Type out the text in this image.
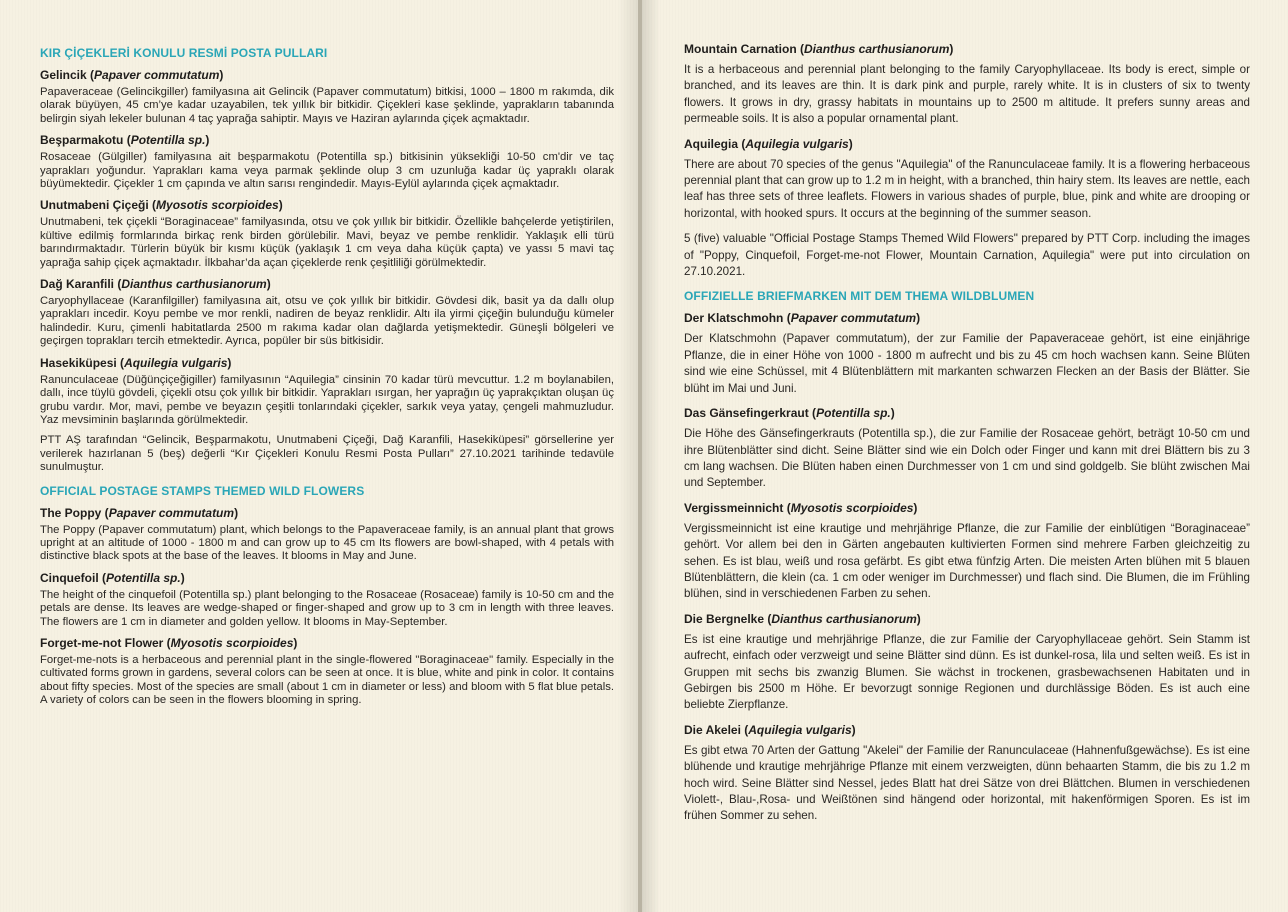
KIR ÇİÇEKLERİ KONULU RESMİ POSTA PULLARI
Gelincik (Papaver commutatum)

Papaveraceae (Gelincikgiller) familyasına ait Gelincik (Papaver commutatum) bitkisi, 1000 – 1800 m rakımda, dik olarak büyüyen, 45 cm’ye kadar uzayabilen, tek yıllık bir bitkidir. Çiçekleri kase şeklinde, yaprakların tabanında belirgin siyah lekeler bulunan 4 taç yaprağa sahiptir. Mayıs ve Haziran aylarında çiçek açmaktadır.

Beşparmakotu (Potentilla sp.)

Rosaceae (Gülgiller) familyasına ait beşparmakotu (Potentilla sp.) bitkisinin yüksekliği 10-50 cm'dir ve taç yaprakları yoğundur. Yaprakları kama veya parmak şeklinde olup 3 cm uzunluğa kadar üç yapraklı olarak büyümektedir. Çiçekler 1 cm çapında ve altın sarısı rengindedir. Mayıs-Eylül aylarında çiçek açmaktadır.

Unutmabeni Çiçeği (Myosotis scorpioides)

Unutmabeni, tek çiçekli “Boraginaceae” familyasında, otsu ve çok yıllık bir bitkidir. Özellikle bahçelerde yetiştirilen, kültive edilmiş formlarında birkaç renk birden görülebilir. Mavi, beyaz ve pembe renklidir. Yaklaşık elli türü barındırmaktadır. Türlerin büyük bir kısmı küçük (yaklaşık 1 cm veya daha küçük çapta) ve yassı 5 mavi taç yaprağa sahip çiçek açmaktadır. İlkbahar’da açan çiçeklerde renk çeşitliliği görülmektedir.

Dağ Karanfili (Dianthus carthusianorum)

Caryophyllaceae (Karanfilgiller) familyasına ait, otsu ve çok yıllık bir bitkidir. Gövdesi dik, basit ya da dallı olup yaprakları incedir. Koyu pembe ve mor renkli, nadiren de beyaz renklidir. Altı ila yirmi çiçeğin bulunduğu kümeler halindedir. Kuru, çimenli habitatlarda 2500 m rakıma kadar olan dağlarda yetişmektedir. Güneşli bölgeleri ve geçirgen toprakları tercih etmektedir. Ayrıca, popüler bir süs bitkisidir.

Hasekiküpesi (Aquilegia vulgaris)

Ranunculaceae (Düğünçiçeğigiller) familyasının “Aquilegia” cinsinin 70 kadar türü mevcuttur. 1.2 m boylanabilen, dallı, ince tüylü gövdeli, çiçekli otsu çok yıllık bir bitkidir. Yaprakları ısırgan, her yaprağın üç yaprakçıktan oluşan üç grubu vardır. Mor, mavi, pembe ve beyazın çeşitli tonlarındaki çiçekler, sarkık veya yatay, çengeli mahmuzludur. Yaz mevsiminin başlarında görülmektedir.

PTT AŞ tarafından “Gelincik, Beşparmakotu, Unutmabeni Çiçeği, Dağ Karanfili, Hasekiküpesi” görsellerine yer verilerek hazırlanan 5 (beş) değerli “Kır Çiçekleri Konulu Resmi Posta Pulları” 27.10.2021 tarihinde tedavüle sunulmuştur.

OFFICIAL POSTAGE STAMPS THEMED WILD FLOWERS
The Poppy (Papaver commutatum)

The Poppy (Papaver commutatum) plant, which belongs to the Papaveraceae family, is an annual plant that grows upright at an altitude of 1000 - 1800 m and can grow up to 45 cm Its flowers are bowl-shaped, with 4 petals with distinctive black spots at the base of the leaves. It blooms in May and June.

Cinquefoil (Potentilla sp.)

The height of the cinquefoil (Potentilla sp.) plant belonging to the Rosaceae (Rosaceae) family is 10-50 cm and the petals are dense. Its leaves are wedge-shaped or finger-shaped and grow up to 3 cm in length with three leaves. The flowers are 1 cm in diameter and golden yellow. It blooms in May-September.

Forget-me-not Flower (Myosotis scorpioides)

Forget-me-nots is a herbaceous and perennial plant in the single-flowered "Boraginaceae" family. Especially in the cultivated forms grown in gardens, several colors can be seen at once. It is blue, white and pink in color. It contains about fifty species. Most of the species are small (about 1 cm in diameter or less) and bloom with 5 flat blue petals. A variety of colors can be seen in the flowers blooming in spring.

Mountain Carnation (Dianthus carthusianorum)

It is a herbaceous and perennial plant belonging to the family Caryophyllaceae. Its body is erect, simple or branched, and its leaves are thin. It is dark pink and purple, rarely white. It is in clusters of six to twenty flowers. It grows in dry, grassy habitats in mountains up to 2500 m altitude. It prefers sunny areas and permeable soils. It is also a popular ornamental plant.

Aquilegia (Aquilegia vulgaris)

There are about 70 species of the genus "Aquilegia" of the Ranunculaceae family. It is a flowering herbaceous perennial plant that can grow up to 1.2 m in height, with a branched, thin hairy stem. Its leaves are nettle, each leaf has three sets of three leaflets. Flowers in various shades of purple, blue, pink and white are drooping or horizontal, with hooked spurs. It occurs at the beginning of the summer season.

5 (five) valuable "Official Postage Stamps Themed Wild Flowers" prepared by PTT Corp. including the images of "Poppy, Cinquefoil, Forget-me-not Flower, Mountain Carnation, Aquilegia" were put into circulation on 27.10.2021.

OFFIZIELLE BRIEFMARKEN MIT DEM THEMA WILDBLUMEN
Der Klatschmohn (Papaver commutatum)

Der Klatschmohn (Papaver commutatum), der zur Familie der Papaveraceae gehört, ist eine einjährige Pflanze, die in einer Höhe von 1000 - 1800 m aufrecht und bis zu 45 cm hoch wachsen kann. Seine Blüten sind wie eine Schüssel, mit 4 Blütenblättern mit markanten schwarzen Flecken an der Basis der Blätter. Sie blüht im Mai und Juni.

Das Gänsefingerkraut (Potentilla sp.)

Die Höhe des Gänsefingerkrauts (Potentilla sp.), die zur Familie der Rosaceae gehört, beträgt 10-50 cm und ihre Blütenblätter sind dicht. Seine Blätter sind wie ein Dolch oder Finger und kann mit drei Blättern bis zu 3 cm lang wachsen. Die Blüten haben einen Durchmesser von 1 cm und sind goldgelb. Sie blüht zwischen Mai und September.

Vergissmeinnicht (Myosotis scorpioides)

Vergissmeinnicht ist eine krautige und mehrjährige Pflanze, die zur Familie der einblütigen “Boraginaceae” gehört. Vor allem bei den in Gärten angebauten kultivierten Formen sind mehrere Farben gleichzeitig zu sehen. Es ist blau, weiß und rosa gefärbt. Es gibt etwa fünfzig Arten. Die meisten Arten blühen mit 5 blauen Blütenblättern, die klein (ca. 1 cm oder weniger im Durchmesser) und flach sind. Die Blumen, die im Frühling blühen, sind in verschiedenen Farben zu sehen.

Die Bergnelke (Dianthus carthusianorum)

Es ist eine krautige und mehrjährige Pflanze, die zur Familie der Caryophyllaceae gehört. Sein Stamm ist aufrecht, einfach oder verzweigt und seine Blätter sind dünn. Es ist dunkel-rosa, lila und selten weiß. Es ist in Gruppen mit sechs bis zwanzig Blumen. Sie wächst in trockenen, grasbewachsenen Habitaten und in Gebirgen bis 2500 m Höhe. Er bevorzugt sonnige Regionen und durchlässige Böden. Es ist auch eine beliebte Zierpflanze.

Die Akelei (Aquilegia vulgaris)

Es gibt etwa 70 Arten der Gattung "Akelei" der Familie der Ranunculaceae (Hahnenfußgewächse). Es ist eine blühende und krautige mehrjährige Pflanze mit einem verzweigten, dünn behaarten Stamm, die bis zu 1.2 m hoch wird. Seine Blätter sind Nessel, jedes Blatt hat drei Sätze von drei Blättchen. Blumen in verschiedenen Violett-, Blau-,Rosa- und Weißtönen sind hängend oder horizontal, mit hakenförmigen Sporen. Es ist im frühen Sommer zu sehen.
